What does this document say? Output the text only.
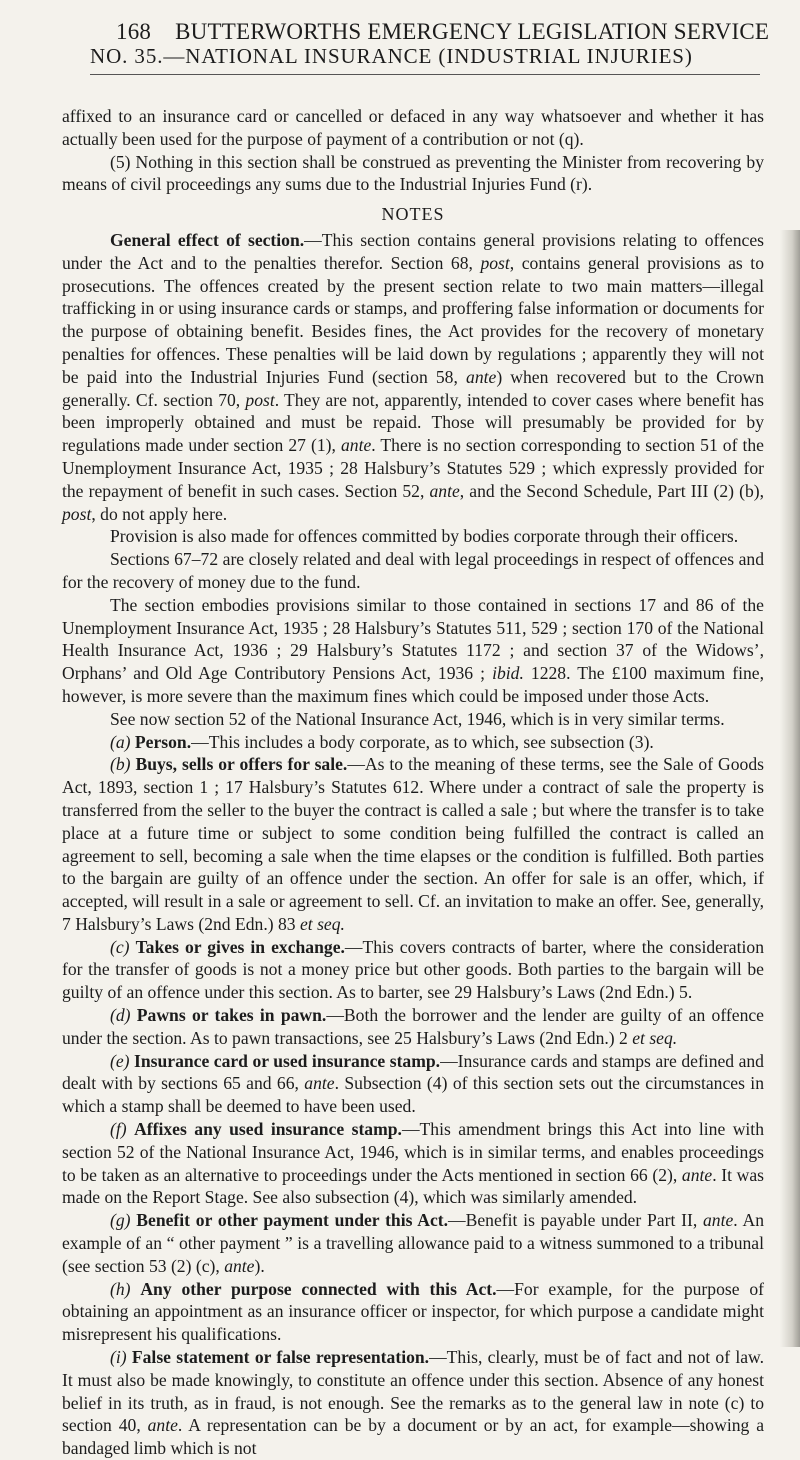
168 BUTTERWORTHS EMERGENCY LEGISLATION SERVICE
NO. 35.—NATIONAL INSURANCE (INDUSTRIAL INJURIES)

affixed to an insurance card or cancelled or defaced in any way whatsoever and whether it has actually been used for the purpose of payment of a contribution or not (q).

(5) Nothing in this section shall be construed as preventing the Minister from recovering by means of civil proceedings any sums due to the Industrial Injuries Fund (r).

NOTES

General effect of section.—This section contains general provisions relating to offences under the Act and to the penalties therefor. Section 68, post, contains general provisions as to prosecutions. The offences created by the present section relate to two main matters—illegal trafficking in or using insurance cards or stamps, and proffering false information or documents for the purpose of obtaining benefit. Besides fines, the Act provides for the recovery of monetary penalties for offences. These penalties will be laid down by regulations ; apparently they will not be paid into the Industrial Injuries Fund (section 58, ante) when recovered but to the Crown generally. Cf. section 70, post. They are not, apparently, intended to cover cases where benefit has been improperly obtained and must be repaid. Those will presumably be provided for by regulations made under section 27 (1), ante. There is no section corresponding to section 51 of the Unemployment Insurance Act, 1935 ; 28 Halsbury’s Statutes 529 ; which expressly provided for the repayment of benefit in such cases. Section 52, ante, and the Second Schedule, Part III (2) (b), post, do not apply here.

Provision is also made for offences committed by bodies corporate through their officers.

Sections 67–72 are closely related and deal with legal proceedings in respect of offences and for the recovery of money due to the fund.

The section embodies provisions similar to those contained in sections 17 and 86 of the Unemployment Insurance Act, 1935 ; 28 Halsbury’s Statutes 511, 529 ; section 170 of the National Health Insurance Act, 1936 ; 29 Halsbury’s Statutes 1172 ; and section 37 of the Widows’, Orphans’ and Old Age Contributory Pensions Act, 1936 ; ibid. 1228. The £100 maximum fine, however, is more severe than the maximum fines which could be imposed under those Acts.

See now section 52 of the National Insurance Act, 1946, which is in very similar terms.

(a) Person.—This includes a body corporate, as to which, see subsection (3).

(b) Buys, sells or offers for sale.—As to the meaning of these terms, see the Sale of Goods Act, 1893, section 1 ; 17 Halsbury’s Statutes 612. Where under a contract of sale the property is transferred from the seller to the buyer the contract is called a sale ; but where the transfer is to take place at a future time or subject to some condition being fulfilled the contract is called an agreement to sell, becoming a sale when the time elapses or the condition is fulfilled. Both parties to the bargain are guilty of an offence under the section. An offer for sale is an offer, which, if accepted, will result in a sale or agreement to sell. Cf. an invitation to make an offer. See, generally, 7 Halsbury’s Laws (2nd Edn.) 83 et seq.

(c) Takes or gives in exchange.—This covers contracts of barter, where the consideration for the transfer of goods is not a money price but other goods. Both parties to the bargain will be guilty of an offence under this section. As to barter, see 29 Halsbury’s Laws (2nd Edn.) 5.

(d) Pawns or takes in pawn.—Both the borrower and the lender are guilty of an offence under the section. As to pawn transactions, see 25 Halsbury’s Laws (2nd Edn.) 2 et seq.

(e) Insurance card or used insurance stamp.—Insurance cards and stamps are defined and dealt with by sections 65 and 66, ante. Subsection (4) of this section sets out the circumstances in which a stamp shall be deemed to have been used.

(f) Affixes any used insurance stamp.—This amendment brings this Act into line with section 52 of the National Insurance Act, 1946, which is in similar terms, and enables proceedings to be taken as an alternative to proceedings under the Acts mentioned in section 66 (2), ante. It was made on the Report Stage. See also subsection (4), which was similarly amended.

(g) Benefit or other payment under this Act.—Benefit is payable under Part II, ante. An example of an “ other payment ” is a travelling allowance paid to a witness summoned to a tribunal (see section 53 (2) (c), ante).

(h) Any other purpose connected with this Act.—For example, for the purpose of obtaining an appointment as an insurance officer or inspector, for which purpose a candidate might misrepresent his qualifications.

(i) False statement or false representation.—This, clearly, must be of fact and not of law. It must also be made knowingly, to constitute an offence under this section. Absence of any honest belief in its truth, as in fraud, is not enough. See the remarks as to the general law in note (c) to section 40, ante. A representation can be by a document or by an act, for example—showing a bandaged limb which is not
